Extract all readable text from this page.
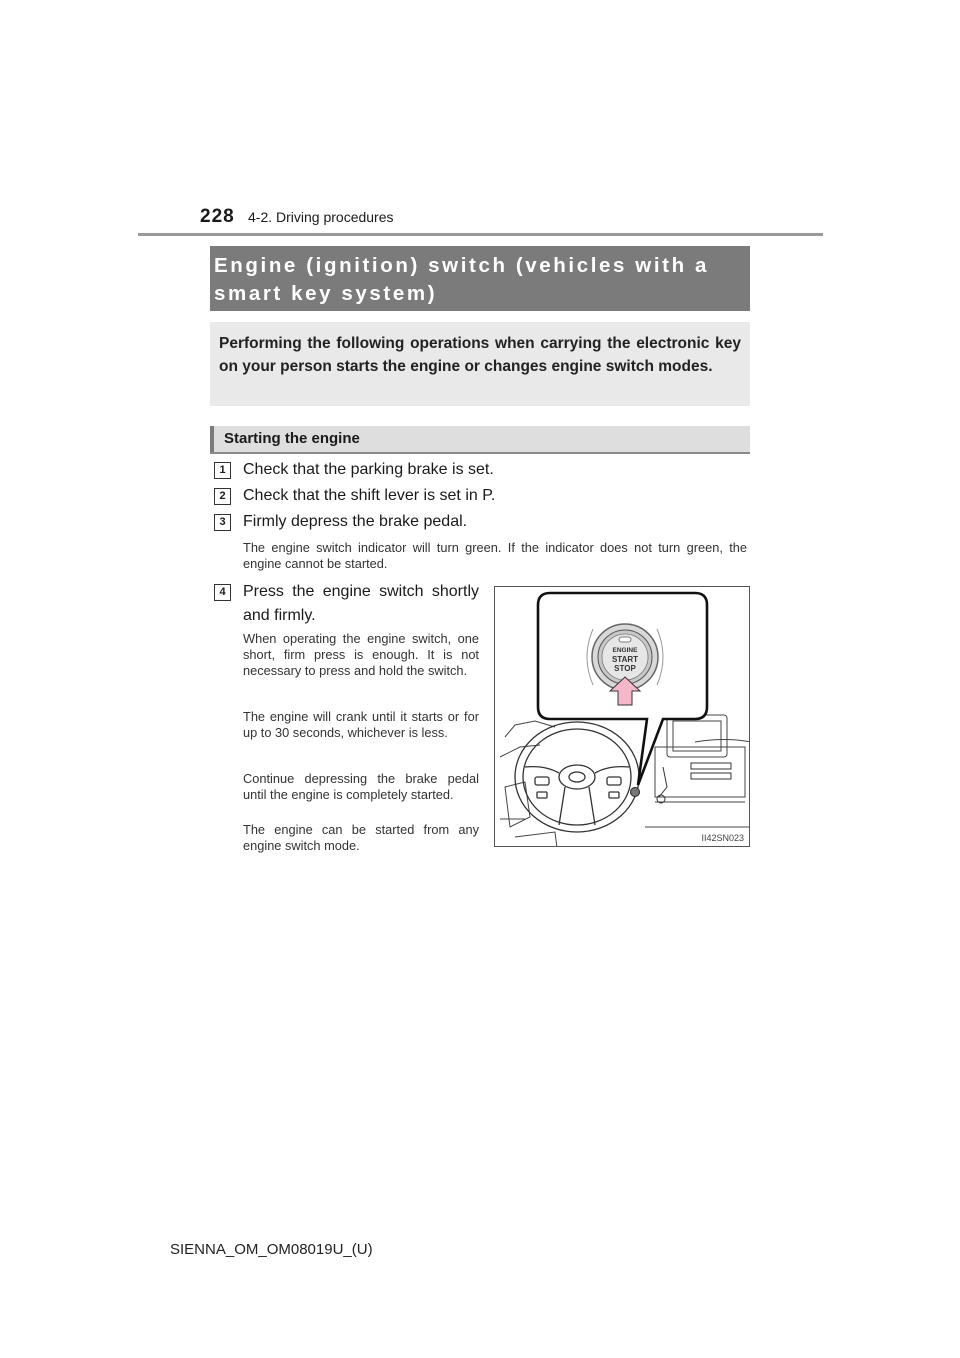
228 4-2. Driving procedures
Engine (ignition) switch (vehicles with a
smart key system)

Performing the following operations when carrying the electronic key on your person starts the engine or changes engine switch modes.

Starting the engine
1	Check that the parking brake is set.
2	Check that the shift lever is set in P.
3	Firmly depress the brake pedal.
The engine switch indicator will turn green. If the indicator does not turn green, the engine cannot be started.
4	Press the engine switch shortly
and firmly.
When operating the engine switch, one short, firm press is enough. It is not necessary to press and hold the switch.
The engine will crank until it starts or for up to 30 seconds, whichever is less.
Continue depressing the brake pedal until the engine is completely started.
The engine can be started from any engine switch mode.
ENGINE
START
STOP
II42SN023
SIENNA_OM_OM08019U_(U)
